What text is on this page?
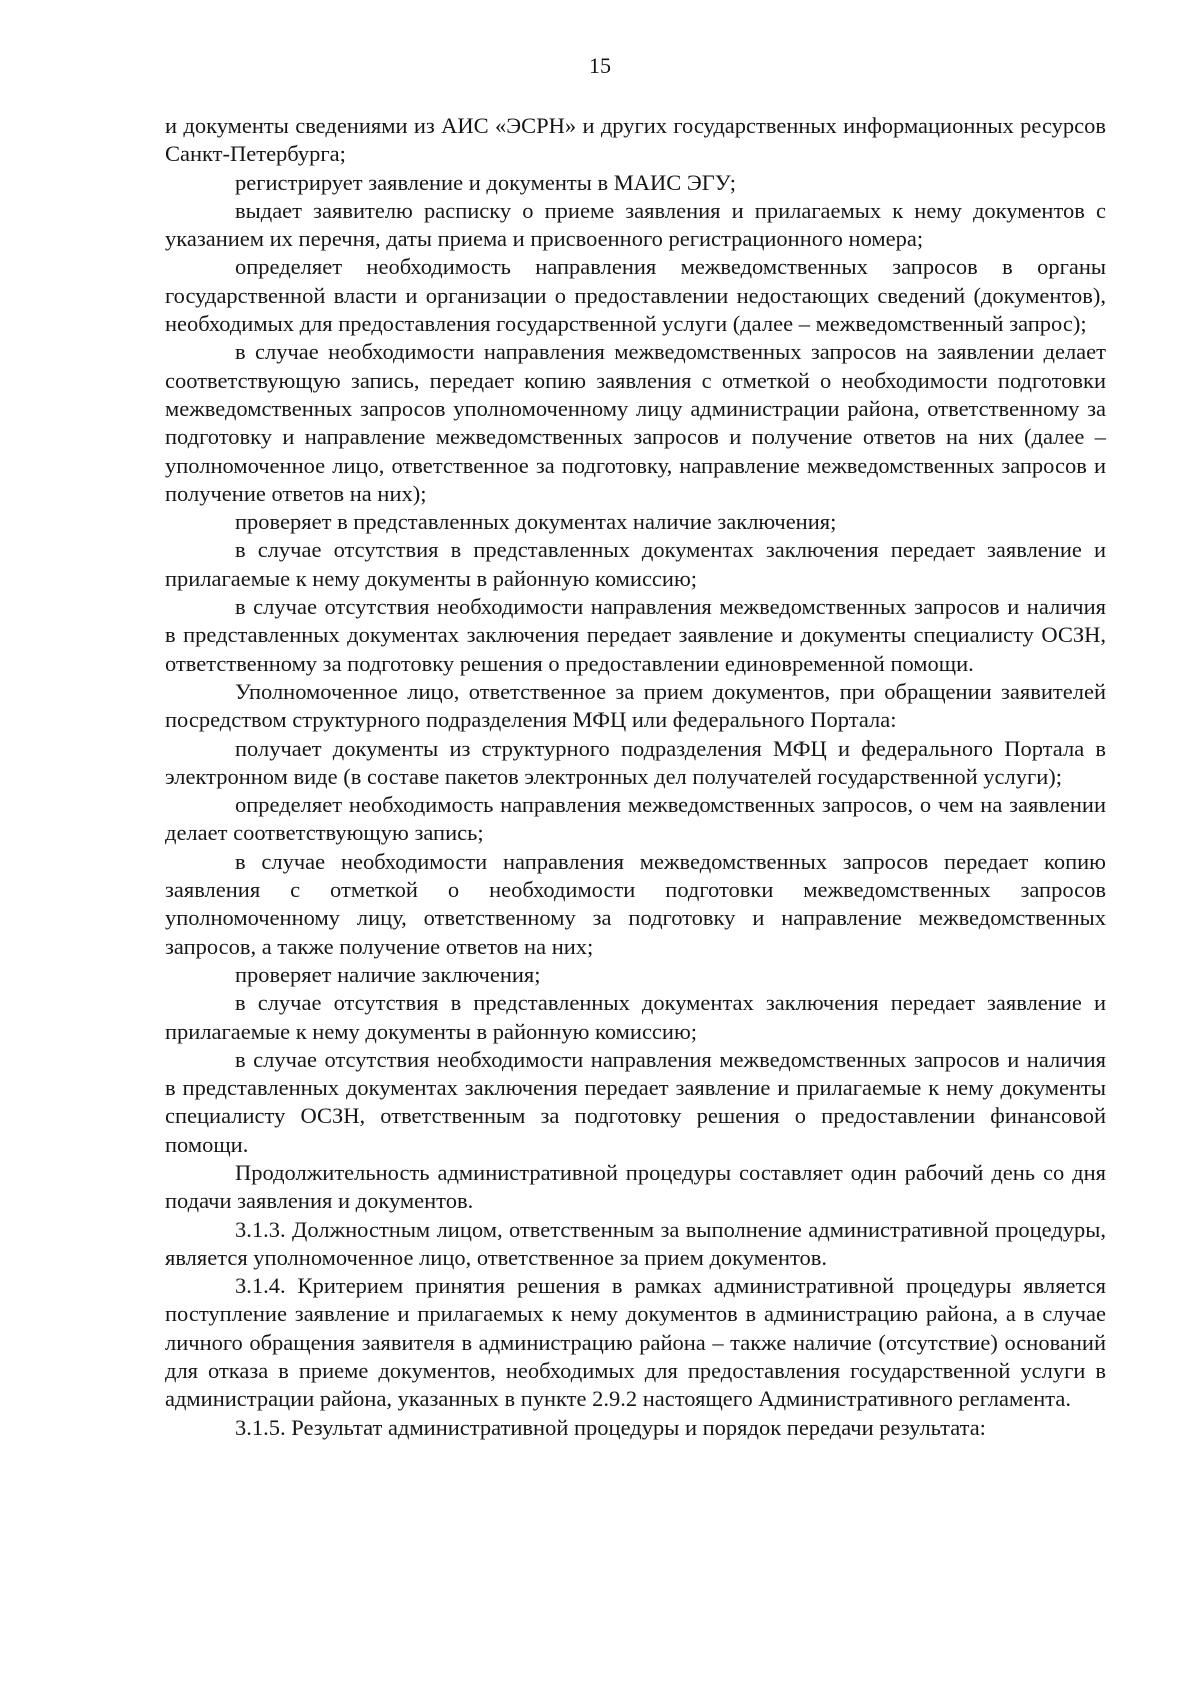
15

и документы сведениями из АИС «ЭСРН» и других государственных информационных ресурсов Санкт-Петербурга;

регистрирует заявление и документы в МАИС ЭГУ;

выдает заявителю расписку о приеме заявления и прилагаемых к нему документов с указанием их перечня, даты приема и присвоенного регистрационного номера;

определяет необходимость направления межведомственных запросов в органы государственной власти и организации о предоставлении недостающих сведений (документов), необходимых для предоставления государственной услуги (далее – межведомственный запрос);

в случае необходимости направления межведомственных запросов на заявлении делает соответствующую запись, передает копию заявления с отметкой о необходимости подготовки межведомственных запросов уполномоченному лицу администрации района, ответственному за подготовку и направление межведомственных запросов и получение ответов на них (далее – уполномоченное лицо, ответственное за подготовку, направление межведомственных запросов и получение ответов на них);

проверяет в представленных документах наличие заключения;

в случае отсутствия в представленных документах заключения передает заявление и прилагаемые к нему документы в районную комиссию;

в случае отсутствия необходимости направления межведомственных запросов и наличия в представленных документах заключения передает заявление и документы специалисту ОСЗН, ответственному за подготовку решения о предоставлении единовременной помощи.

Уполномоченное лицо, ответственное за прием документов, при обращении заявителей посредством структурного подразделения МФЦ или федерального Портала:

получает документы из структурного подразделения МФЦ и федерального Портала в электронном виде (в составе пакетов электронных дел получателей государственной услуги);

определяет необходимость направления межведомственных запросов, о чем на заявлении делает соответствующую запись;

в случае необходимости направления межведомственных запросов передает копию заявления с отметкой о необходимости подготовки межведомственных запросов уполномоченному лицу, ответственному за подготовку и направление межведомственных запросов, а также получение ответов на них;

проверяет наличие заключения;

в случае отсутствия в представленных документах заключения передает заявление и прилагаемые к нему документы в районную комиссию;

в случае отсутствия необходимости направления межведомственных запросов и наличия в представленных документах заключения передает заявление и прилагаемые к нему документы специалисту ОСЗН, ответственным за подготовку решения о предоставлении финансовой помощи.

Продолжительность административной процедуры составляет один рабочий день со дня подачи заявления и документов.

3.1.3. Должностным лицом, ответственным за выполнение административной процедуры, является уполномоченное лицо, ответственное за прием документов.

3.1.4. Критерием принятия решения в рамках административной процедуры является поступление заявление и прилагаемых к нему документов в администрацию района, а в случае личного обращения заявителя в администрацию района – также наличие (отсутствие) оснований для отказа в приеме документов, необходимых для предоставления государственной услуги в администрации района, указанных в пункте 2.9.2 настоящего Административного регламента.

3.1.5. Результат административной процедуры и порядок передачи результата:
